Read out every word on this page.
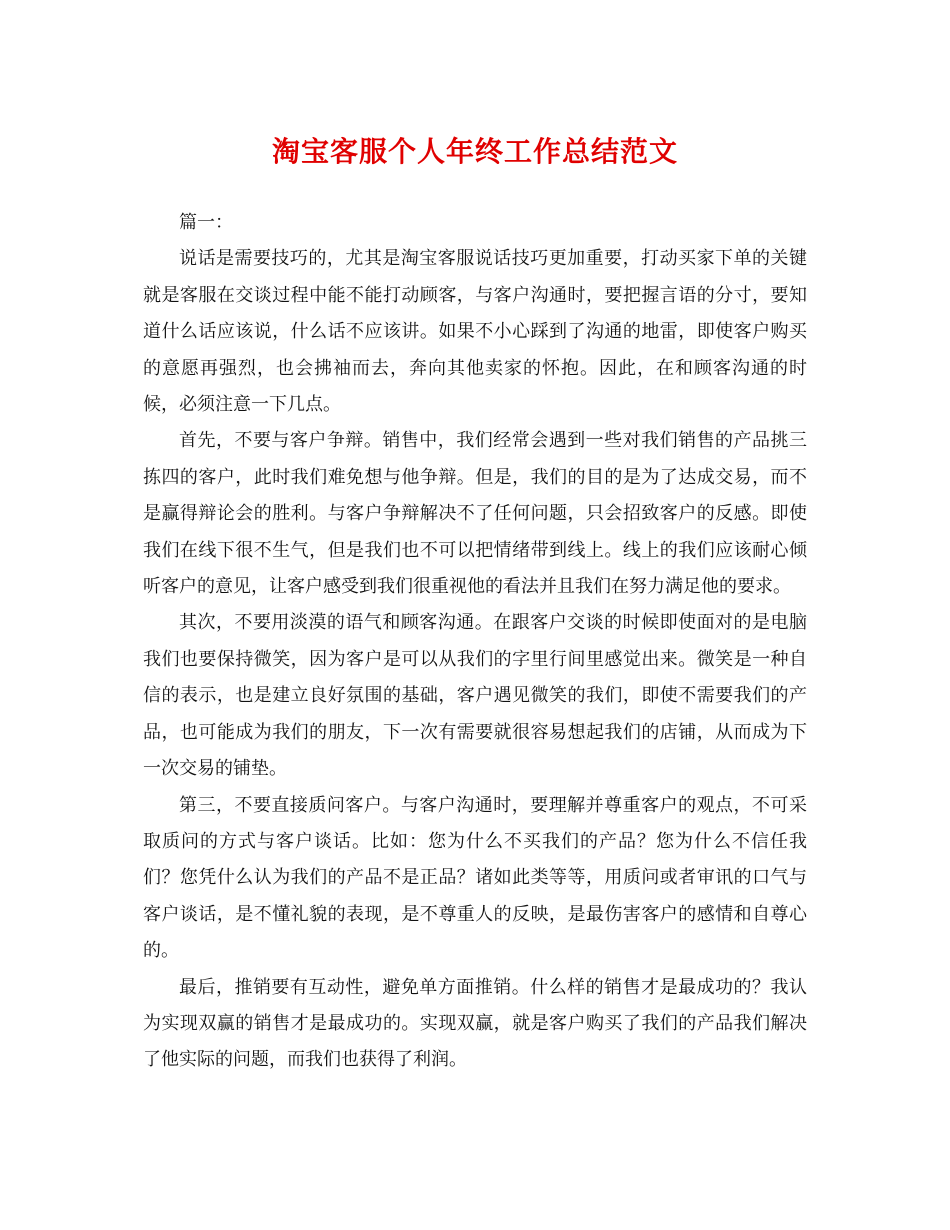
淘宝客服个人年终工作总结范文

篇一：

说话是需要技巧的，尤其是淘宝客服说话技巧更加重要，打动买家下单的关键就是客服在交谈过程中能不能打动顾客，与客户沟通时，要把握言语的分寸，要知道什么话应该说，什么话不应该讲。如果不小心踩到了沟通的地雷，即使客户购买的意愿再强烈，也会拂袖而去，奔向其他卖家的怀抱。因此，在和顾客沟通的时候，必须注意一下几点。

首先，不要与客户争辩。销售中，我们经常会遇到一些对我们销售的产品挑三拣四的客户，此时我们难免想与他争辩。但是，我们的目的是为了达成交易，而不是赢得辩论会的胜利。与客户争辩解决不了任何问题，只会招致客户的反感。即使我们在线下很不生气，但是我们也不可以把情绪带到线上。线上的我们应该耐心倾听客户的意见，让客户感受到我们很重视他的看法并且我们在努力满足他的要求。

其次，不要用淡漠的语气和顾客沟通。在跟客户交谈的时候即使面对的是电脑我们也要保持微笑，因为客户是可以从我们的字里行间里感觉出来。微笑是一种自信的表示，也是建立良好氛围的基础，客户遇见微笑的我们，即使不需要我们的产品，也可能成为我们的朋友，下一次有需要就很容易想起我们的店铺，从而成为下一次交易的铺垫。

第三，不要直接质问客户。与客户沟通时，要理解并尊重客户的观点，不可采取质问的方式与客户谈话。比如：您为什么不买我们的产品？您为什么不信任我们？您凭什么认为我们的产品不是正品？诸如此类等等，用质问或者审讯的口气与客户谈话，是不懂礼貌的表现，是不尊重人的反映，是最伤害客户的感情和自尊心的。

最后，推销要有互动性，避免单方面推销。什么样的销售才是最成功的？我认为实现双赢的销售才是最成功的。实现双赢，就是客户购买了我们的产品我们解决了他实际的问题，而我们也获得了利润。
